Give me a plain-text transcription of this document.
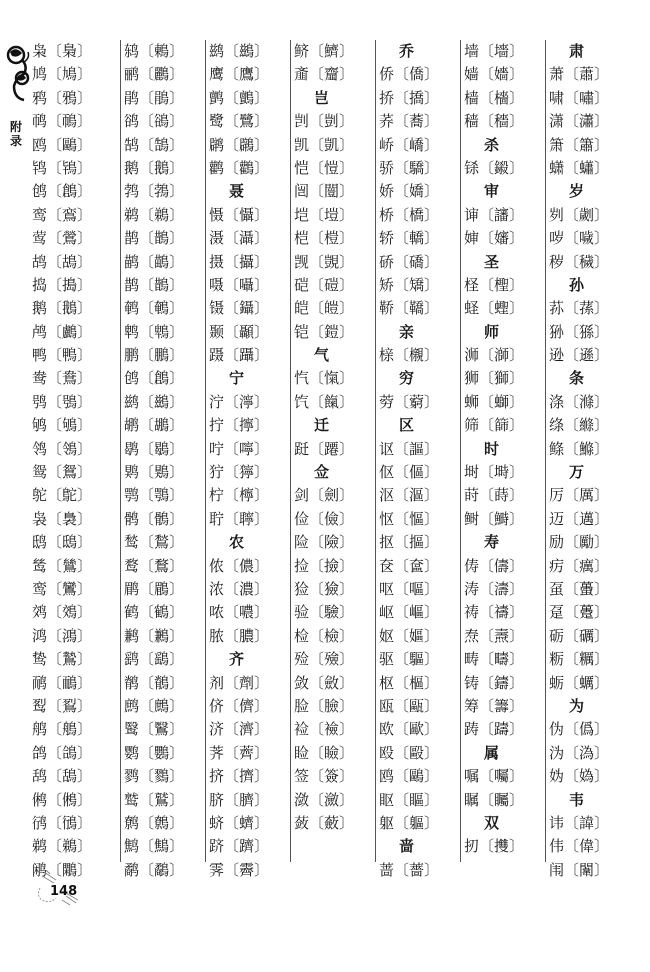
附录
枭〔梟〕
鸠〔鳩〕
鸦〔鴉〕
䴓〔鳾〕
鸥〔鷗〕
鸨〔鴇〕
鸧〔鶬〕
鸾〔鵉〕
莺〔鶯〕
鸪〔鴣〕
捣〔搗〕
鹅〔鵝〕
鸬〔鸕〕
鸭〔鴨〕
鸯〔鴦〕
鸮〔鴞〕
鸲〔鴝〕
鸰〔鴒〕
鸳〔鴛〕
鸵〔鴕〕
袅〔裊〕
鸱〔鴟〕
鸶〔鷥〕
鸾〔鸞〕
䴔〔鵁〕
鸿〔鴻〕
鸷〔鷙〕
鸸〔鴯〕
䴕〔鴷〕
鸼〔鵃〕
鸽〔鴿〕
鸹〔鴰〕
鸺〔鵂〕
鸻〔鴴〕
鹈〔鵜〕
鹇〔鷴〕
鸫〔鶇〕
鹂〔鸝〕
鹃〔鵑〕
鹆〔鵒〕
鹄〔鵠〕
鹅〔鵝〕
鹁〔鵓〕
鹈〔鵜〕
鹊〔鵲〕
鹋〔鶓〕
鹊〔鵲〕
鹌〔鵪〕
鹎〔鵯〕
鹏〔鵬〕
鸧〔鶬〕
鹚〔鷀〕
鹕〔鶘〕
鹖〔鶡〕
䴗〔鶪〕
鹗〔鶚〕
鹘〔鶻〕
鹙〔鶖〕
鹜〔鶩〕
鹛〔鶥〕
鹤〔鶴〕
鹣〔鶼〕
鹞〔鷂〕
鹡〔鶺〕
鹧〔鷓〕
鹥〔鷖〕
鹦〔鸚〕
鹨〔鷚〕
鹫〔鷲〕
鹩〔鷯〕
鹪〔鷦〕
鹬〔鷸〕
鹚〔鷀〕
鹰〔鷹〕
鹯〔鸇〕
鹭〔鷺〕
䴙〔鸊〕
鹳〔鸛〕
聂
慑〔懾〕
滠〔灄〕
摄〔攝〕
嗫〔囁〕
镊〔鑷〕
颞〔顳〕
蹑〔躡〕
宁
泞〔濘〕
拧〔擰〕
咛〔嚀〕
狞〔獰〕
柠〔檸〕
聍〔聹〕
农
侬〔儂〕
浓〔濃〕
哝〔噥〕
脓〔膿〕
齐
剂〔劑〕
侪〔儕〕
济〔濟〕
荠〔薺〕
挤〔擠〕
脐〔臍〕
蛴〔蠐〕
跻〔躋〕
霁〔霽〕
鲚〔鱭〕
齑〔齏〕
岂
剀〔剴〕
凯〔凱〕
恺〔愷〕
闿〔闓〕
垲〔塏〕
桤〔榿〕
觊〔覬〕
硙〔磑〕
皑〔皚〕
铠〔鎧〕
气
忾〔愾〕
饩〔餼〕
迁
跹〔蹮〕
佥
剑〔劍〕
俭〔儉〕
险〔險〕
捡〔撿〕
猃〔獫〕
验〔驗〕
检〔檢〕
殓〔殮〕
敛〔斂〕
脸〔臉〕
裣〔襝〕
睑〔瞼〕
签〔簽〕
潋〔瀲〕
蔹〔蘞〕
乔
侨〔僑〕
挢〔撟〕
荞〔蕎〕
峤〔嶠〕
骄〔驕〕
娇〔嬌〕
桥〔橋〕
轿〔轎〕
硚〔礄〕
矫〔矯〕
鞒〔鞽〕
亲
榇〔櫬〕
穷
䓖〔藭〕
区
讴〔謳〕
伛〔傴〕
沤〔漚〕
怄〔慪〕
抠〔摳〕
奁〔奩〕
呕〔嘔〕
岖〔嶇〕
妪〔嫗〕
驱〔驅〕
枢〔樞〕
瓯〔甌〕
欧〔歐〕
殴〔毆〕
鸥〔鷗〕
眍〔瞘〕
躯〔軀〕
啬
蔷〔薔〕
墙〔墻〕
嫱〔嬙〕
樯〔檣〕
穑〔穡〕
杀
铩〔鎩〕
审
谉〔讅〕
婶〔嬸〕
圣
柽〔檉〕
蛏〔蟶〕
师
浉〔溮〕
狮〔獅〕
蛳〔螄〕
筛〔篩〕
时
埘〔塒〕
莳〔蒔〕
鲥〔鰣〕
寿
俦〔儔〕
涛〔濤〕
祷〔禱〕
焘〔燾〕
畴〔疇〕
铸〔鑄〕
筹〔籌〕
踌〔躊〕
属
嘱〔囑〕
瞩〔矚〕
双
扨〔㩳〕
肃
萧〔蕭〕
啸〔嘯〕
潇〔瀟〕
箫〔簫〕
蟏〔蠨〕
岁
刿〔劌〕
哕〔噦〕
秽〔穢〕
孙
荪〔蓀〕
狲〔猻〕
逊〔遜〕
条
涤〔滌〕
绦〔縧〕
鲦〔鰷〕
万
厉〔厲〕
迈〔邁〕
励〔勵〕
疠〔癘〕
虿〔蠆〕
趸〔躉〕
砺〔礪〕
粝〔糲〕
蛎〔蠣〕
为
伪〔僞〕
沩〔溈〕
妫〔媯〕
韦
讳〔諱〕
伟〔偉〕
闱〔闈〕
148
